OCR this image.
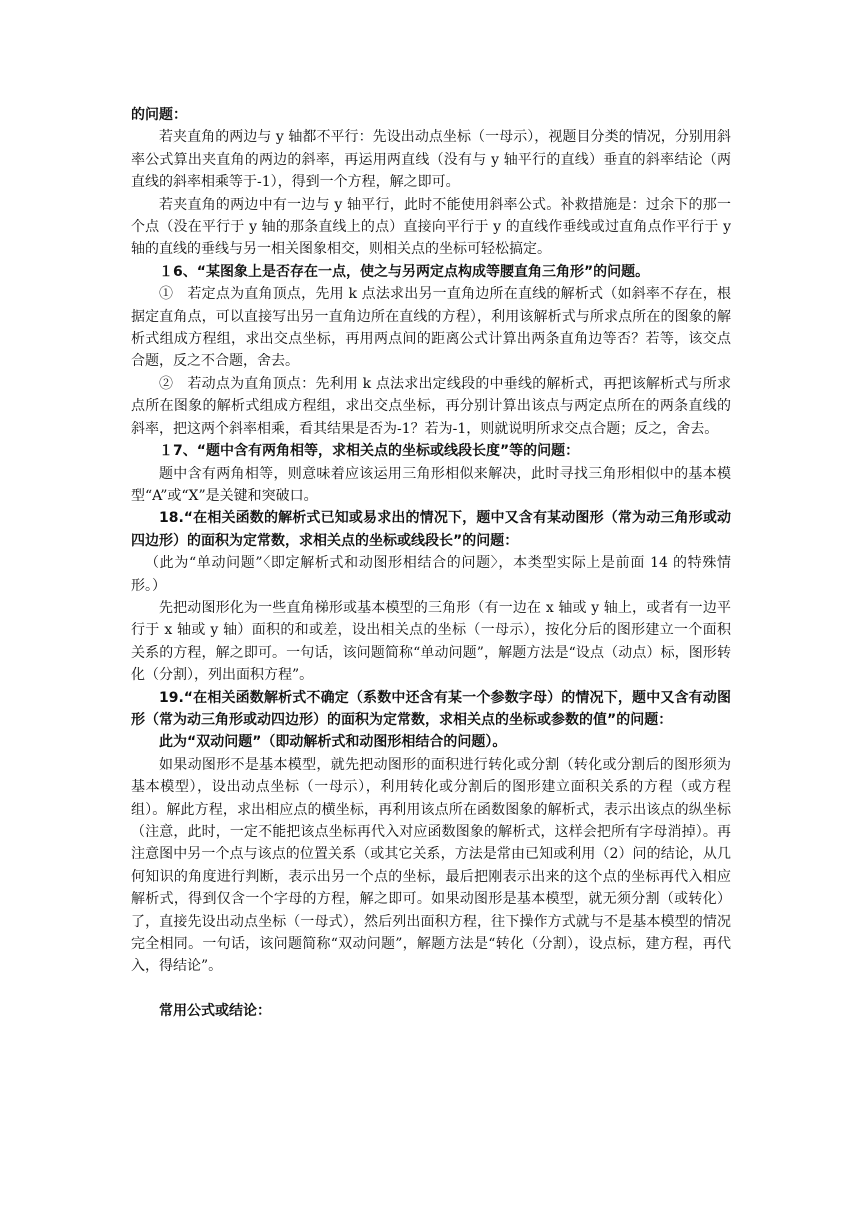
的问题：

若夹直角的两边与 y 轴都不平行：先设出动点坐标（一母示），视题目分类的情况，分别用斜率公式算出夹直角的两边的斜率，再运用两直线（没有与 y 轴平行的直线）垂直的斜率结论（两直线的斜率相乘等于-1），得到一个方程，解之即可。

若夹直角的两边中有一边与 y 轴平行，此时不能使用斜率公式。补救措施是：过余下的那一个点（没在平行于 y 轴的那条直线上的点）直接向平行于 y 的直线作垂线或过直角点作平行于 y 轴的直线的垂线与另一相关图象相交，则相关点的坐标可轻松搞定。

１6、“某图象上是否存在一点，使之与另两定点构成等腰直角三角形”的问题。

①　若定点为直角顶点，先用 k 点法求出另一直角边所在直线的解析式（如斜率不存在，根据定直角点，可以直接写出另一直角边所在直线的方程），利用该解析式与所求点所在的图象的解析式组成方程组，求出交点坐标，再用两点间的距离公式计算出两条直角边等否？若等，该交点合题，反之不合题，舍去。

②　若动点为直角顶点：先利用 k 点法求出定线段的中垂线的解析式，再把该解析式与所求点所在图象的解析式组成方程组，求出交点坐标，再分别计算出该点与两定点所在的两条直线的斜率，把这两个斜率相乘，看其结果是否为-1？若为-1，则就说明所求交点合题；反之，舍去。

１7、“题中含有两角相等，求相关点的坐标或线段长度”等的问题：

题中含有两角相等，则意味着应该运用三角形相似来解决，此时寻找三角形相似中的基本模型“A”或“X”是关键和突破口。

18.“在相关函数的解析式已知或易求出的情况下，题中又含有某动图形（常为动三角形或动四边形）的面积为定常数，求相关点的坐标或线段长”的问题：

（此为“单动问题”〈即定解析式和动图形相结合的问题〉，本类型实际上是前面 14 的特殊情形。）

先把动图形化为一些直角梯形或基本模型的三角形（有一边在 x 轴或 y 轴上，或者有一边平行于 x 轴或 y 轴）面积的和或差，设出相关点的坐标（一母示），按化分后的图形建立一个面积关系的方程，解之即可。一句话，该问题简称“单动问题”，解题方法是“设点（动点）标，图形转化（分割），列出面积方程”。

19.“在相关函数解析式不确定（系数中还含有某一个参数字母）的情况下，题中又含有动图形（常为动三角形或动四边形）的面积为定常数，求相关点的坐标或参数的值”的问题：

此为“双动问题”（即动解析式和动图形相结合的问题）。

如果动图形不是基本模型，就先把动图形的面积进行转化或分割（转化或分割后的图形须为基本模型），设出动点坐标（一母示），利用转化或分割后的图形建立面积关系的方程（或方程组）。解此方程，求出相应点的横坐标，再利用该点所在函数图象的解析式，表示出该点的纵坐标（注意，此时，一定不能把该点坐标再代入对应函数图象的解析式，这样会把所有字母消掉）。再注意图中另一个点与该点的位置关系（或其它关系，方法是常由已知或利用（2）问的结论，从几何知识的角度进行判断，表示出另一个点的坐标，最后把刚表示出来的这个点的坐标再代入相应解析式，得到仅含一个字母的方程，解之即可。如果动图形是基本模型，就无须分割（或转化）了，直接先设出动点坐标（一母式），然后列出面积方程，往下操作方式就与不是基本模型的情况完全相同。一句话，该问题简称“双动问题”，解题方法是“转化（分割），设点标，建方程，再代入，得结论”。

常用公式或结论：
